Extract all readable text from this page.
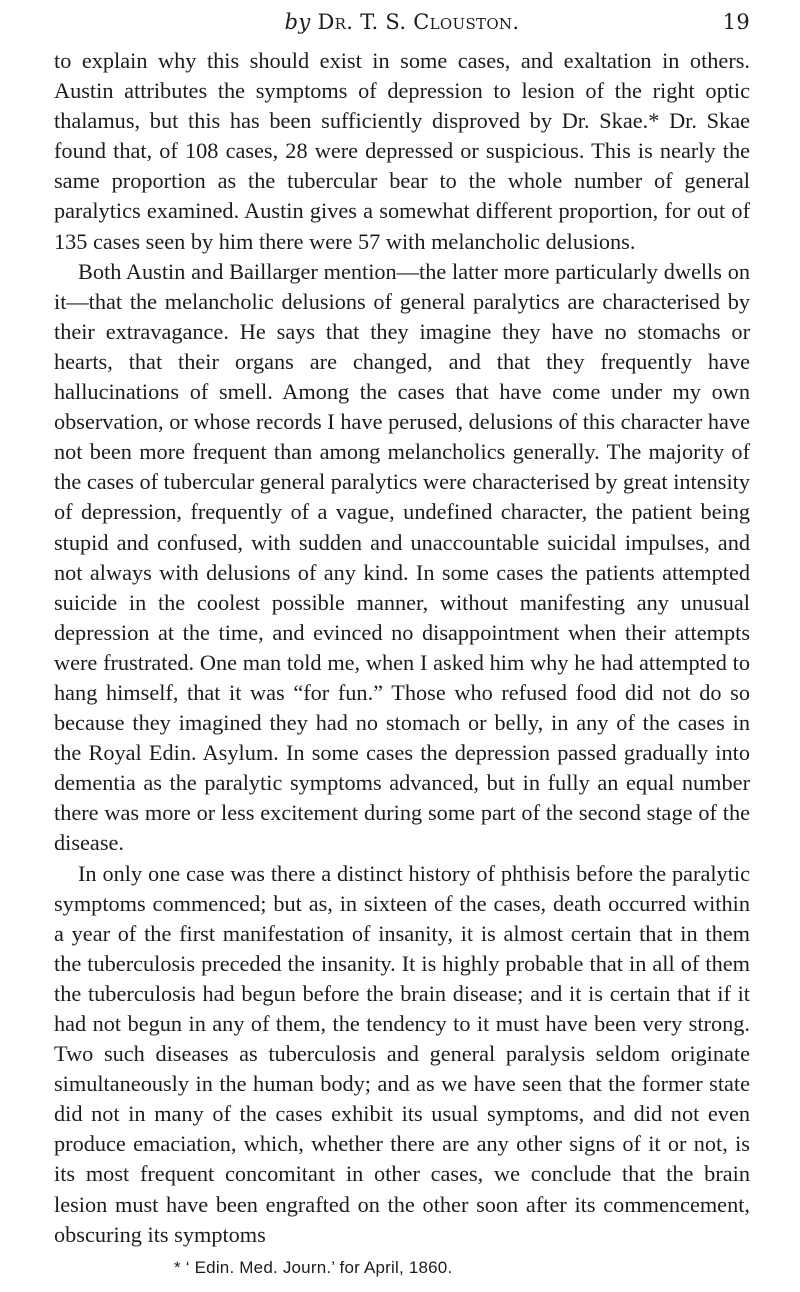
by Dr. T. S. Clouston.	19

to explain why this should exist in some cases, and exaltation in others. Austin attributes the symptoms of depression to lesion of the right optic thalamus, but this has been sufficiently disproved by Dr. Skae.* Dr. Skae found that, of 108 cases, 28 were depressed or suspicious. This is nearly the same proportion as the tubercular bear to the whole number of general paralytics examined. Austin gives a somewhat different proportion, for out of 135 cases seen by him there were 57 with melancholic delusions.

Both Austin and Baillarger mention—the latter more particularly dwells on it—that the melancholic delusions of general paralytics are characterised by their extravagance. He says that they imagine they have no stomachs or hearts, that their organs are changed, and that they frequently have hallucinations of smell. Among the cases that have come under my own observation, or whose records I have perused, delusions of this character have not been more frequent than among melancholics generally. The majority of the cases of tubercular general paralytics were characterised by great intensity of depression, frequently of a vague, undefined character, the patient being stupid and confused, with sudden and unaccountable suicidal impulses, and not always with delusions of any kind. In some cases the patients attempted suicide in the coolest possible manner, without manifesting any unusual depression at the time, and evinced no disappointment when their attempts were frustrated. One man told me, when I asked him why he had attempted to hang himself, that it was “for fun.” Those who refused food did not do so because they imagined they had no stomach or belly, in any of the cases in the Royal Edin. Asylum. In some cases the depression passed gradually into dementia as the paralytic symptoms advanced, but in fully an equal number there was more or less excitement during some part of the second stage of the disease.

In only one case was there a distinct history of phthisis before the paralytic symptoms commenced; but as, in sixteen of the cases, death occurred within a year of the first manifestation of insanity, it is almost certain that in them the tuberculosis preceded the insanity. It is highly probable that in all of them the tuberculosis had begun before the brain disease; and it is certain that if it had not begun in any of them, the tendency to it must have been very strong. Two such diseases as tuberculosis and general paralysis seldom originate simultaneously in the human body; and as we have seen that the former state did not in many of the cases exhibit its usual symptoms, and did not even produce emaciation, which, whether there are any other signs of it or not, is its most frequent concomitant in other cases, we conclude that the brain lesion must have been engrafted on the other soon after its commencement, obscuring its symptoms

* ‘ Edin. Med. Journ.’ for April, 1860.
